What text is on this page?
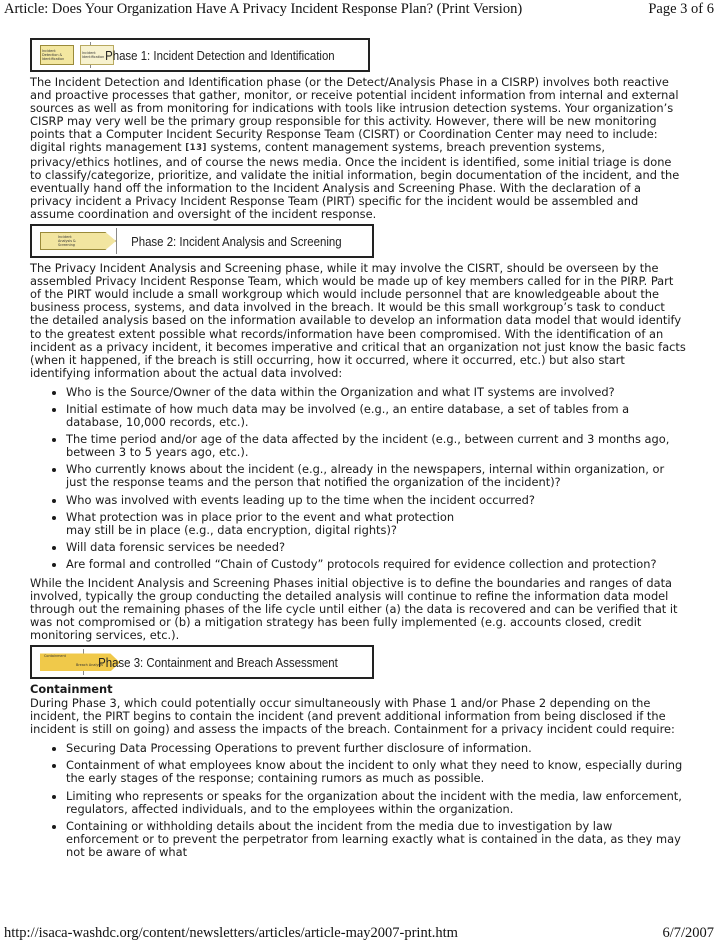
Article: Does Your Organization Have A Privacy Incident Response Plan? (Print Version)	Page 3 of 6
Incident Detection & Identification
Incident Identification Phase 1: Incident Detection and Identification

The Incident Detection and Identification phase (or the Detect/Analysis Phase in a CISRP) involves both reactive and proactive processes that gather, monitor, or receive potential incident information from internal and external sources as well as from monitoring for indications with tools like intrusion detection systems. Your organization’s CISRP may very well be the primary group responsible for this activity. However, there will be new monitoring points that a Computer Incident Security Response Team (CISRT) or Coordination Center may need to include: digital rights management [13] systems, content management systems, breach prevention systems, privacy/ethics hotlines, and of course the news media. Once the incident is identified, some initial triage is done to classify/categorize, prioritize, and validate the initial information, begin documentation of the incident, and the eventually hand off the information to the Incident Analysis and Screening Phase. With the declaration of a privacy incident a Privacy Incident Response Team (PIRT) specific for the incident would be assembled and assume coordination and oversight of the incident response.

Incident Analysis & Screening	Phase 2: Incident Analysis and Screening

The Privacy Incident Analysis and Screening phase, while it may involve the CISRT, should be overseen by the assembled Privacy Incident Response Team, which would be made up of key members called for in the PIRP. Part of the PIRT would include a small workgroup which would include personnel that are knowledgeable about the business process, systems, and data involved in the breach. It would be this small workgroup’s task to conduct the detailed analysis based on the information available to develop an information data model that would identify to the greatest extent possible what records/information have been compromised. With the identification of an incident as a privacy incident, it becomes imperative and critical that an organization not just know the basic facts (when it happened, if the breach is still occurring, how it occurred, where it occurred, etc.) but also start identifying information about the actual data involved:

• Who is the Source/Owner of the data within the Organization and what IT systems are involved?
• Initial estimate of how much data may be involved (e.g., an entire database, a set of tables from a database, 10,000 records, etc.).
• The time period and/or age of the data affected by the incident (e.g., between current and 3 months ago, between 3 to 5 years ago, etc.).
• Who currently knows about the incident (e.g., already in the newspapers, internal within organization, or just the response teams and the person that notified the organization of the incident)?
• Who was involved with events leading up to the time when the incident occurred?
• What protection was in place prior to the event and what protection
may still be in place (e.g., data encryption, digital rights)?
• Will data forensic services be needed?
• Are formal and controlled “Chain of Custody” protocols required for evidence collection and protection?

While the Incident Analysis and Screening Phases initial objective is to define the boundaries and ranges of data involved, typically the group conducting the detailed analysis will continue to refine the information data model through out the remaining phases of the life cycle until either (a) the data is recovered and can be verified that it was not compromised or (b) a mitigation strategy has been fully implemented (e.g. accounts closed, credit monitoring services, etc.).

Containment
Breach Analysis
Phase 3: Containment and Breach Assessment

Containment

During Phase 3, which could potentially occur simultaneously with Phase 1 and/or Phase 2 depending on the incident, the PIRT begins to contain the incident (and prevent additional information from being disclosed if the incident is still on going) and assess the impacts of the breach. Containment for a privacy incident could require:

• Securing Data Processing Operations to prevent further disclosure of information.
• Containment of what employees know about the incident to only what they need to know, especially during the early stages of the response; containing rumors as much as possible.
• Limiting who represents or speaks for the organization about the incident with the media, law enforcement, regulators, affected individuals, and to the employees within the organization.
• Containing or withholding details about the incident from the media due to investigation by law enforcement or to prevent the perpetrator from learning exactly what is contained in the data, as they may not be aware of what
http://isaca-washdc.org/content/newsletters/articles/article-may2007-print.htm	6/7/2007
